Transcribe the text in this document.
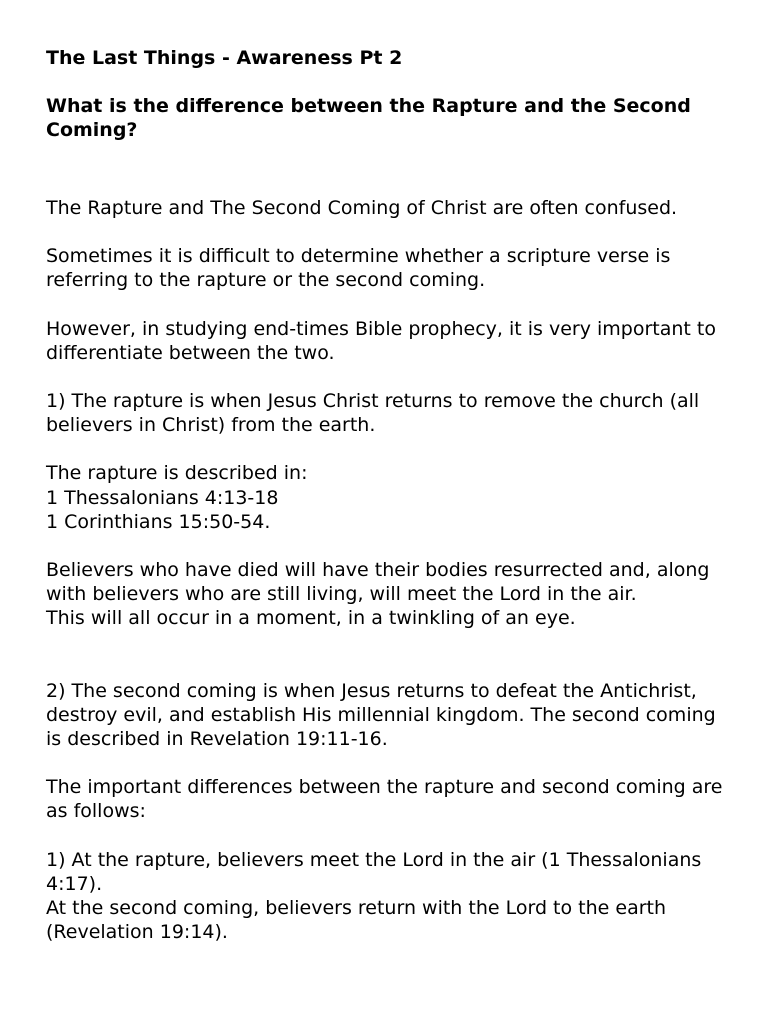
The Last Things - Awareness Pt 2
What is the difference between the Rapture and the Second Coming?

The Rapture and The Second Coming of Christ are often confused.

Sometimes it is difficult to determine whether a scripture verse is referring to the rapture or the second coming.

However, in studying end-times Bible prophecy, it is very important to differentiate between the two.

1) The rapture is when Jesus Christ returns to remove the church (all believers in Christ) from the earth.

The rapture is described in:
1 Thessalonians 4:13-18
1 Corinthians 15:50-54.

Believers who have died will have their bodies resurrected and, along with believers who are still living, will meet the Lord in the air.
This will all occur in a moment, in a twinkling of an eye.

2) The second coming is when Jesus returns to defeat the Antichrist, destroy evil, and establish His millennial kingdom. The second coming is described in Revelation 19:11-16.

The important differences between the rapture and second coming are as follows:

1) At the rapture, believers meet the Lord in the air (1 Thessalonians 4:17).
At the second coming, believers return with the Lord to the earth (Revelation 19:14).
